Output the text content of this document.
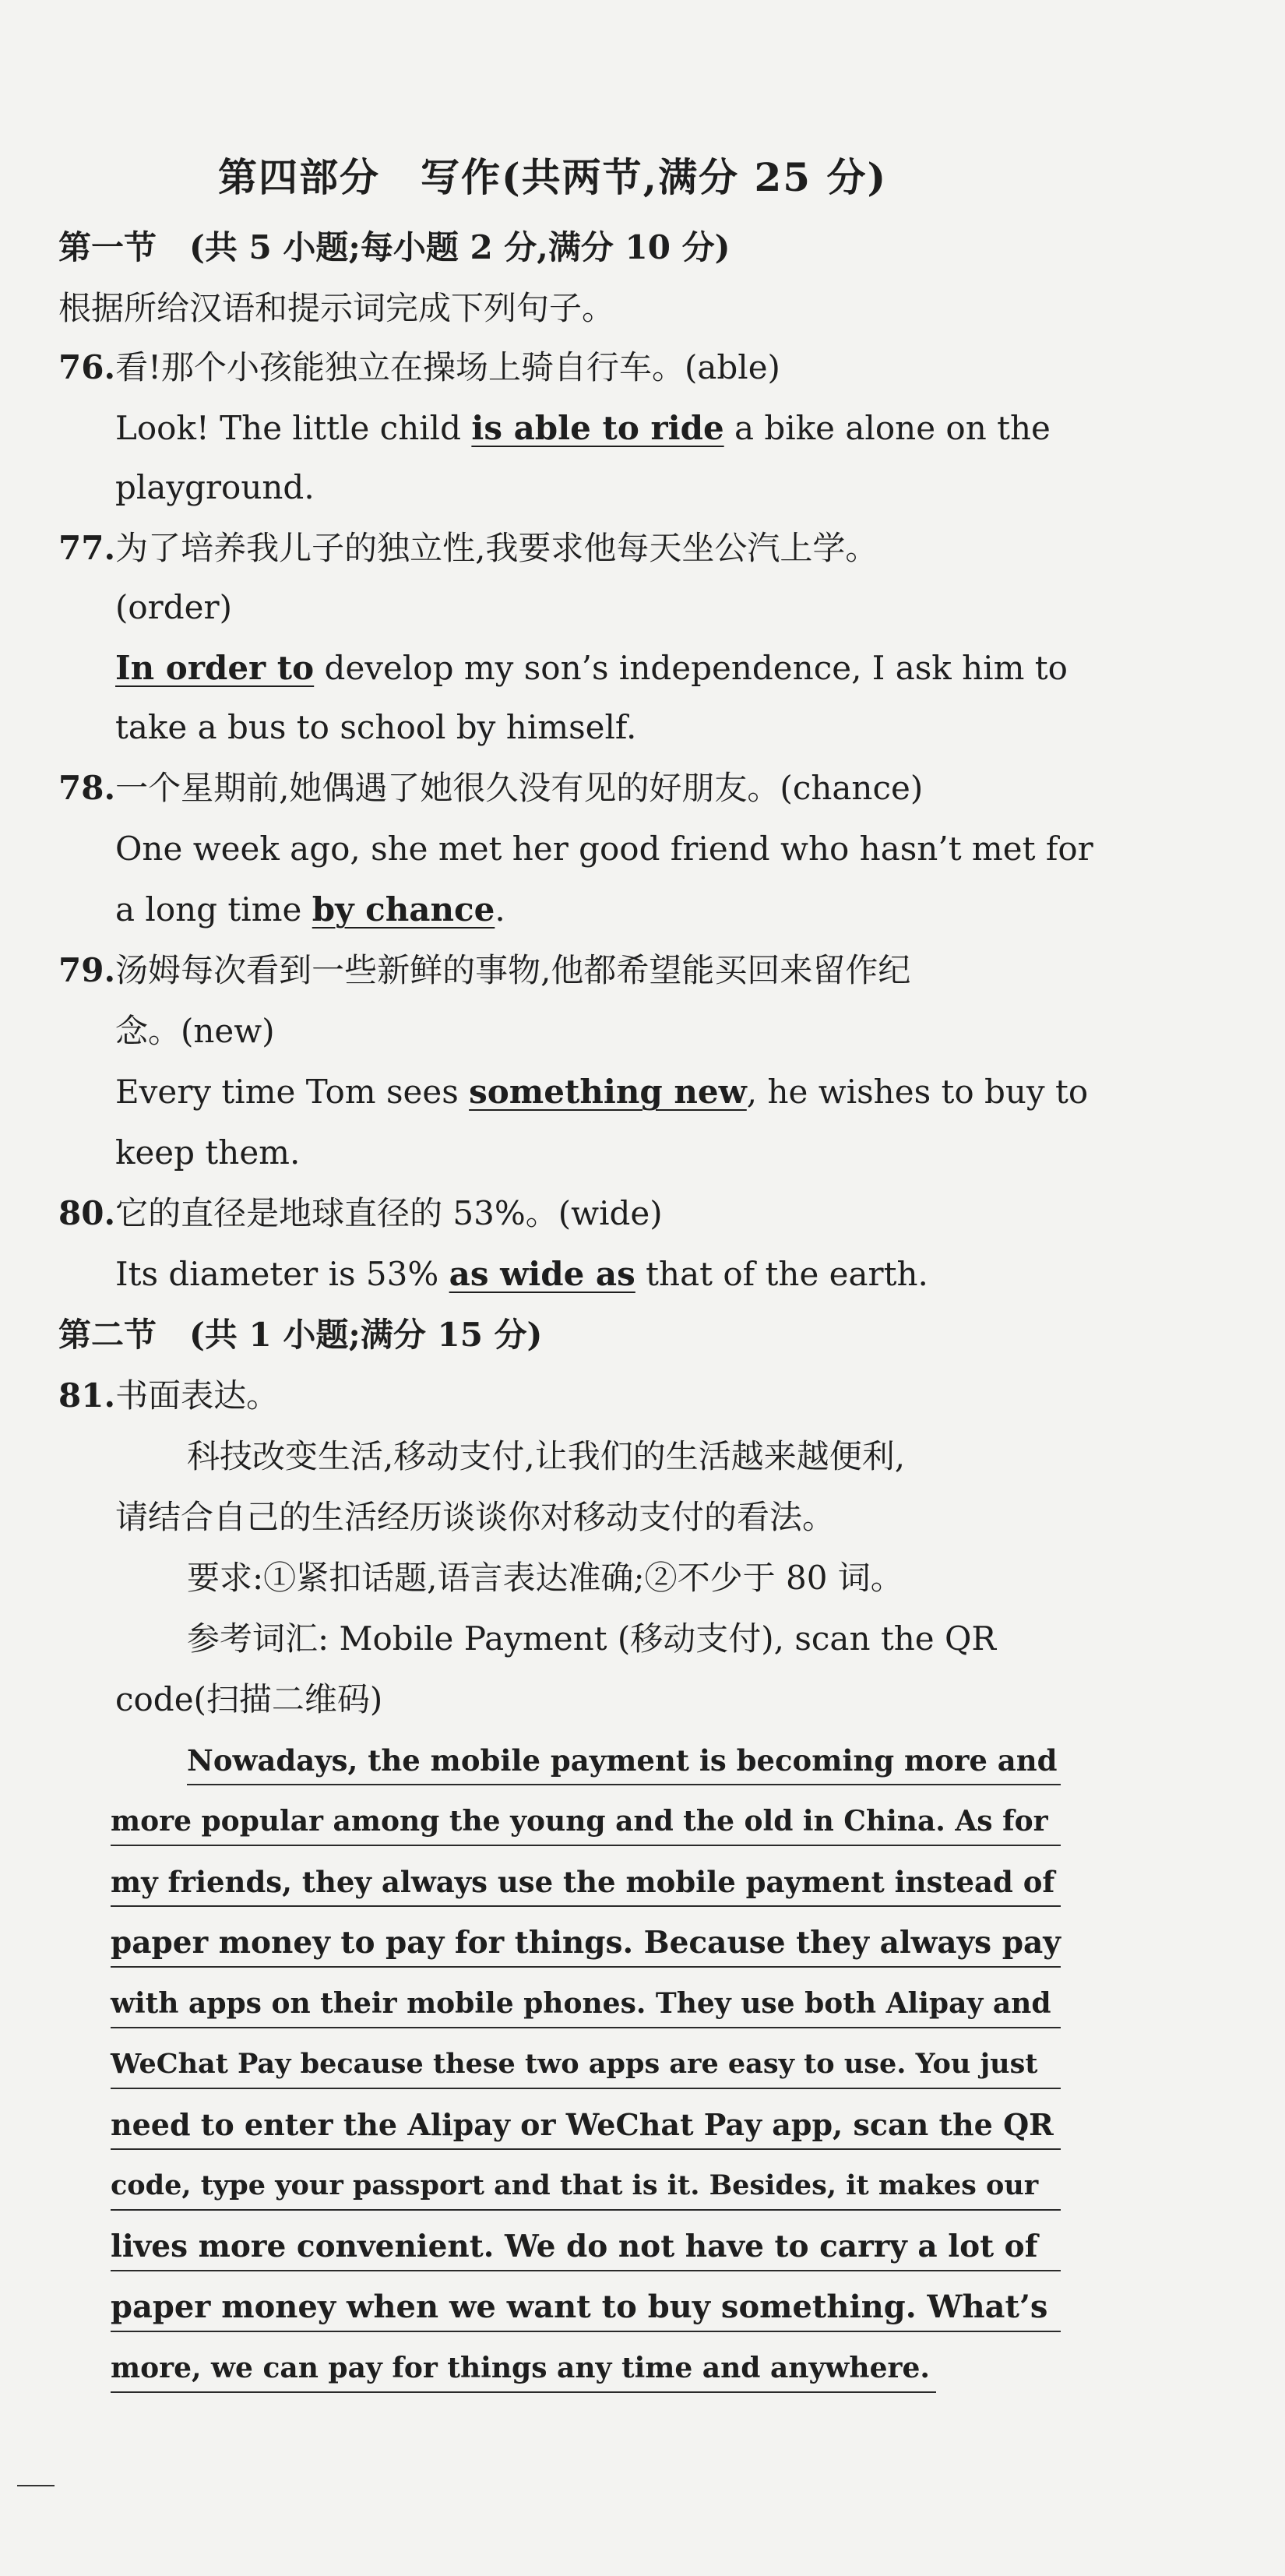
第四部分　写作(共两节,满分 25 分)
第一节　(共 5 小题;每小题 2 分,满分 10 分)
根据所给汉语和提示词完成下列句子。
76.看!那个小孩能独立在操场上骑自行车。(able)
Look! The little child is able to ride a bike alone on the
playground.
77.为了培养我儿子的独立性,我要求他每天坐公汽上学。
(order)
In order to develop my son’s independence, I ask him to
take a bus to school by himself.
78.一个星期前,她偶遇了她很久没有见的好朋友。(chance)
One week ago, she met her good friend who hasn’t met for
a long time by chance.
79.汤姆每次看到一些新鲜的事物,他都希望能买回来留作纪
念。(new)
Every time Tom sees something new, he wishes to buy to
keep them.
80.它的直径是地球直径的 53%。(wide)
Its diameter is 53% as wide as that of the earth.
第二节　(共 1 小题;满分 15 分)
81.书面表达。
科技改变生活,移动支付,让我们的生活越来越便利,
请结合自己的生活经历谈谈你对移动支付的看法。
要求:①紧扣话题,语言表达准确;②不少于 80 词。
参考词汇: Mobile Payment (移动支付), scan the QR
code(扫描二维码)
Nowadays, the mobile payment is becoming more and
more popular among the young and the old in China. As for
my friends, they always use the mobile payment instead of
paper money to pay for things. Because they always pay
with apps on their mobile phones. They use both Alipay and
WeChat Pay because these two apps are easy to use. You just
need to enter the Alipay or WeChat Pay app, scan the QR
code, type your passport and that is it. Besides, it makes our
lives more convenient. We do not have to carry a lot of
paper money when we want to buy something. What’s
more, we can pay for things any time and anywhere.
